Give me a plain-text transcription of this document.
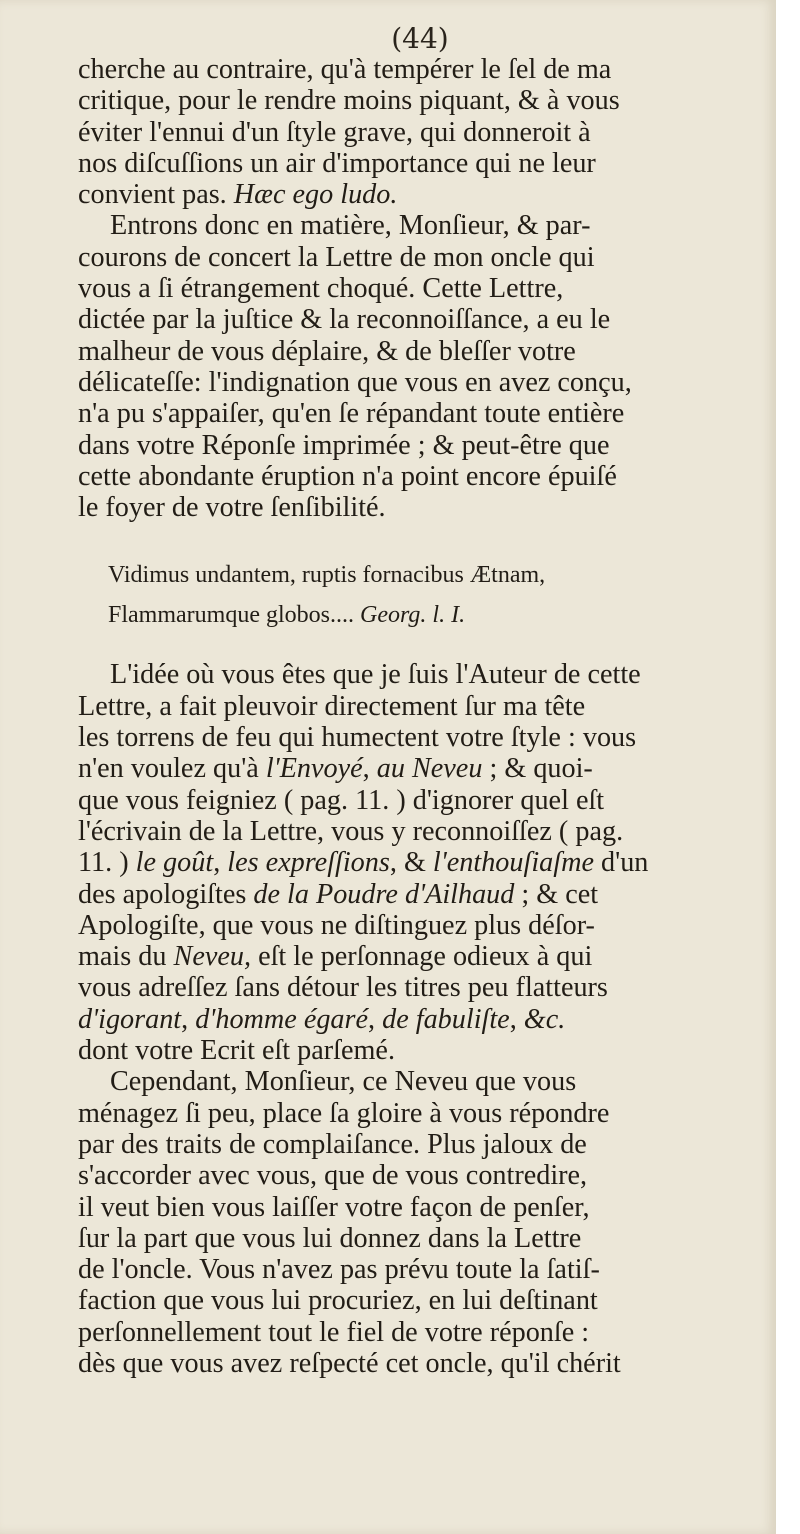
(44)

cherche au contraire, qu'à tempérer le ſel de ma
critique, pour le rendre moins piquant, & à vous
éviter l'ennui d'un ſtyle grave, qui donneroit à
nos diſcuſſions un air d'importance qui ne leur
convient pas. Hæc ego ludo.

Entrons donc en matière, Monſieur, & par-
courons de concert la Lettre de mon oncle qui
vous a ſi étrangement choqué. Cette Lettre,
dictée par la juſtice & la reconnoiſſance, a eu le
malheur de vous déplaire, & de bleſſer votre
délicateſſe: l'indignation que vous en avez conçu,
n'a pu s'appaiſer, qu'en ſe répandant toute entière
dans votre Réponſe imprimée ; & peut-être que
cette abondante éruption n'a point encore épuiſé
le foyer de votre ſenſibilité.

Vidimus undantem, ruptis fornacibus Ætnam,
Flammarumque globos.... Georg. l. I.

L'idée où vous êtes que je ſuis l'Auteur de cette
Lettre, a fait pleuvoir directement ſur ma tête
les torrens de feu qui humectent votre ſtyle : vous
n'en voulez qu'à l'Envoyé, au Neveu ; & quoi-
que vous feigniez ( pag. 11. ) d'ignorer quel eſt
l'écrivain de la Lettre, vous y reconnoiſſez ( pag.
11. ) le goût, les expreſſions, & l'enthouſiaſme d'un
des apologiſtes de la Poudre d'Ailhaud ; & cet
Apologiſte, que vous ne diſtinguez plus déſor-
mais du Neveu, eſt le perſonnage odieux à qui
vous adreſſez ſans détour les titres peu flatteurs
d'igorant, d'homme égaré, de fabuliſte, &c.
dont votre Ecrit eſt parſemé.

Cependant, Monſieur, ce Neveu que vous
ménagez ſi peu, place ſa gloire à vous répondre
par des traits de complaiſance. Plus jaloux de
s'accorder avec vous, que de vous contredire,
il veut bien vous laiſſer votre façon de penſer,
ſur la part que vous lui donnez dans la Lettre
de l'oncle. Vous n'avez pas prévu toute la ſatiſ-
faction que vous lui procuriez, en lui deſtinant
perſonnellement tout le fiel de votre réponſe :
dès que vous avez reſpecté cet oncle, qu'il chérit
